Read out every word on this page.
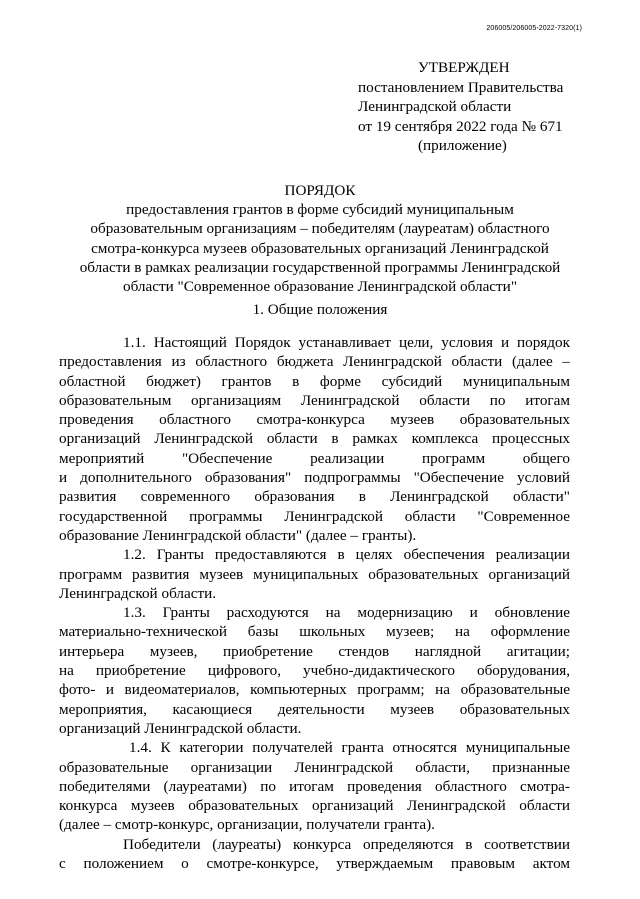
206005/206005-2022-7320(1)
УТВЕРЖДЕН
постановлением Правительства
Ленинградской области
от 19 сентября 2022 года № 671
(приложение)
ПОРЯДОК
предоставления грантов в форме субсидий муниципальным
образовательным организациям – победителям (лауреатам) областного
смотра-конкурса музеев образовательных организаций Ленинградской
области в рамках реализации государственной программы Ленинградской
области "Современное образование Ленинградской области"
1. Общие положения
1.1. Настоящий Порядок устанавливает цели, условия и порядок
предоставления из областного бюджета Ленинградской области (далее –
областной бюджет) грантов в форме субсидий муниципальным
образовательным организациям Ленинградской области по итогам
проведения областного смотра-конкурса музеев образовательных
организаций Ленинградской области в рамках комплекса процессных
мероприятий "Обеспечение реализации программ общего
и дополнительного образования" подпрограммы "Обеспечение условий
развития современного образования в Ленинградской области"
государственной программы Ленинградской области "Современное
образование Ленинградской области" (далее – гранты).
1.2. Гранты предоставляются в целях обеспечения реализации
программ развития музеев муниципальных образовательных организаций
Ленинградской области.
1.3. Гранты расходуются на модернизацию и обновление
материально-технической базы школьных музеев; на оформление
интерьера музеев, приобретение стендов наглядной агитации;
на приобретение цифрового, учебно-дидактического оборудования,
фото- и видеоматериалов, компьютерных программ; на образовательные
мероприятия, касающиеся деятельности музеев образовательных
организаций Ленинградской области.
1.4. К категории получателей гранта относятся муниципальные
образовательные организации Ленинградской области, признанные
победителями (лауреатами) по итогам проведения областного смотра-
конкурса музеев образовательных организаций Ленинградской области
(далее – смотр-конкурс, организации, получатели гранта).
Победители (лауреаты) конкурса определяются в соответствии
с положением о смотре-конкурсе, утверждаемым правовым актом
